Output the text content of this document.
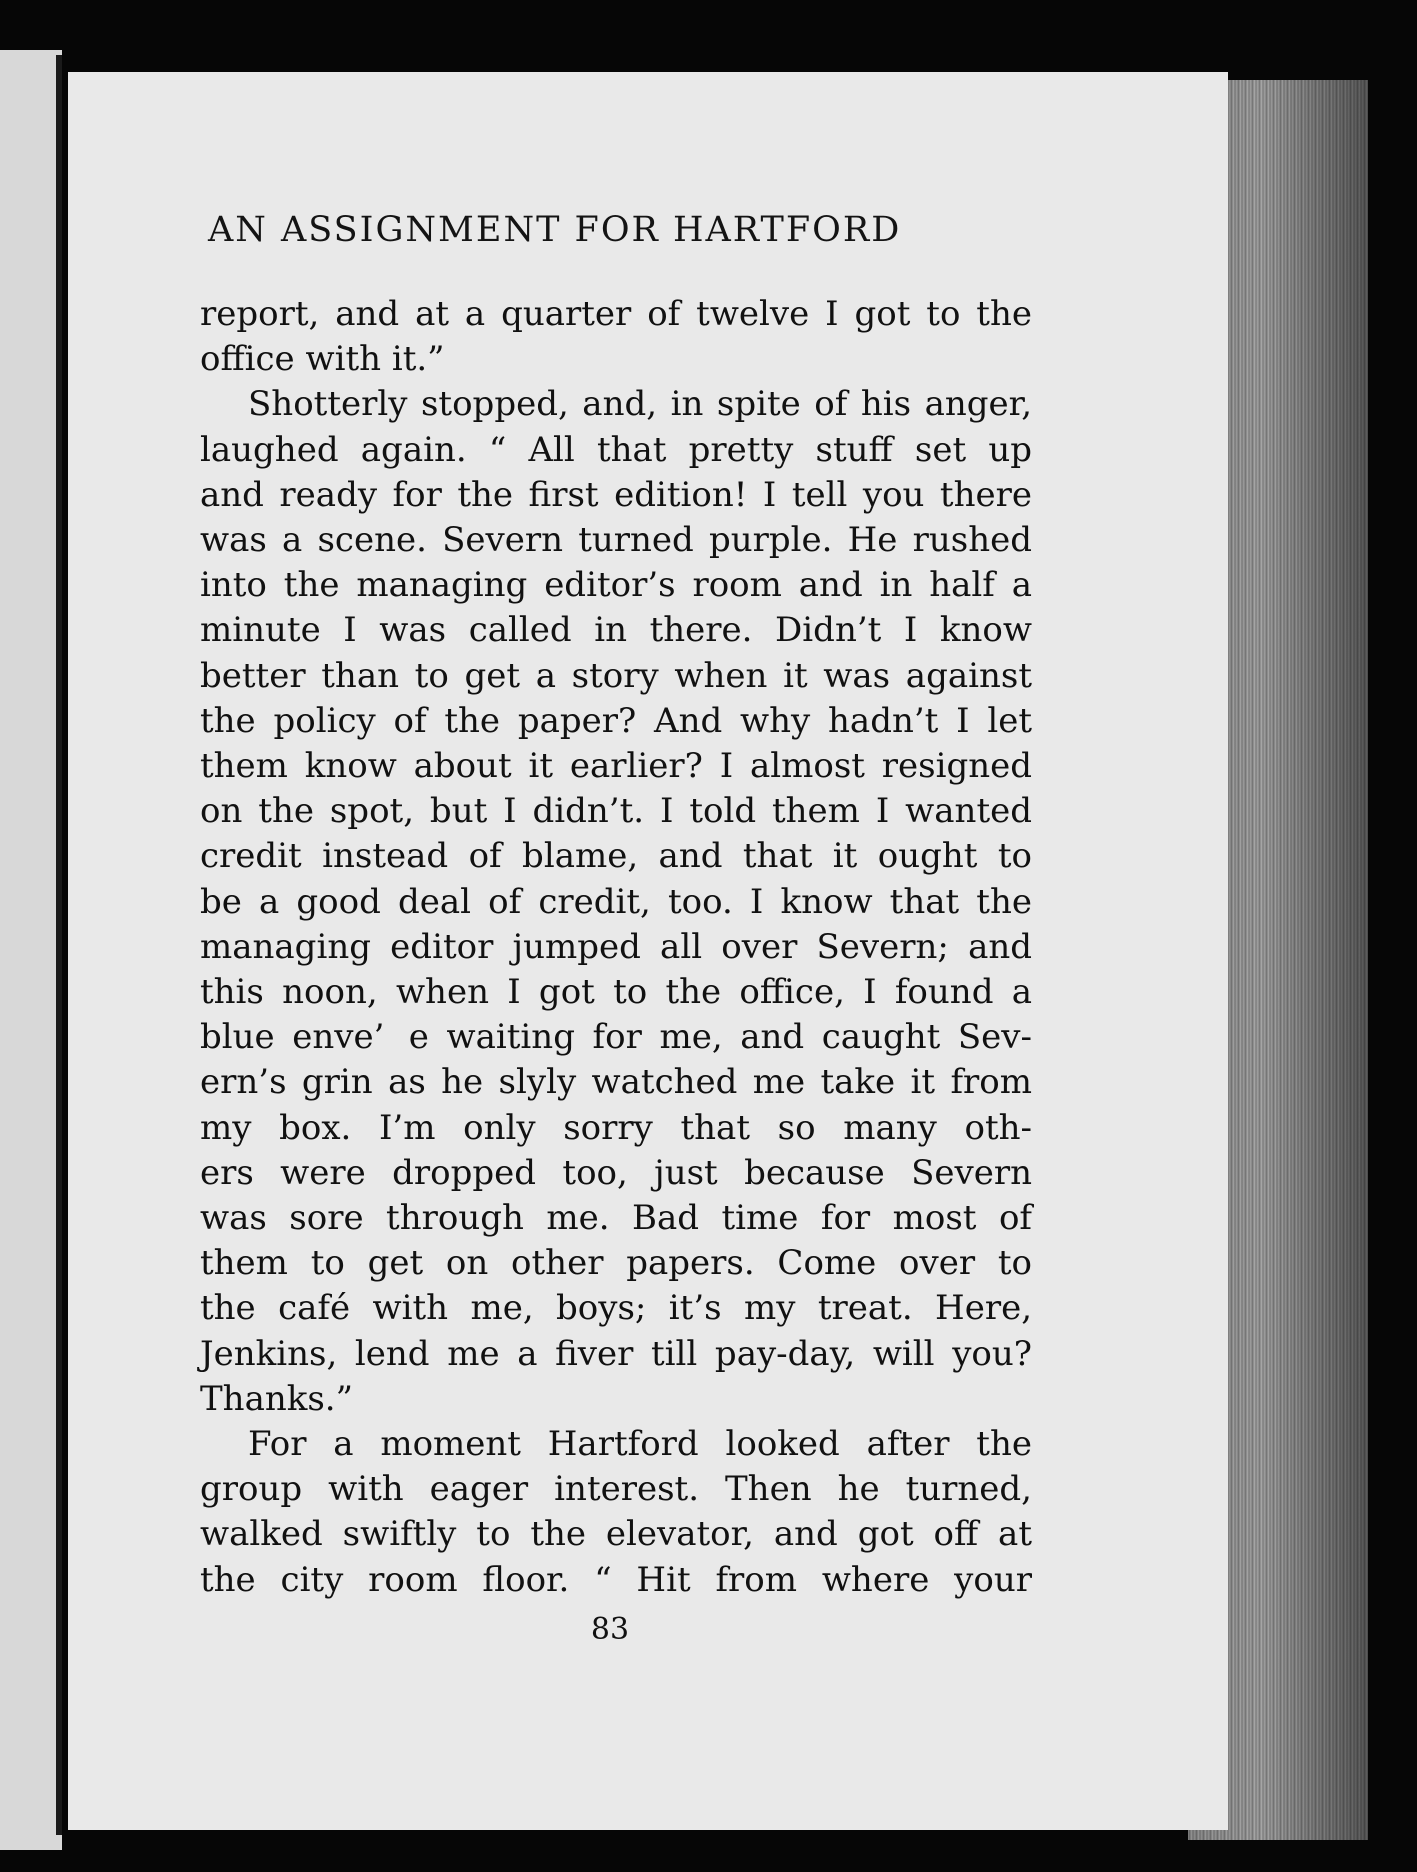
AN ASSIGNMENT FOR HARTFORD
report, and at a quarter of twelve I got to the
office with it.”
Shotterly stopped, and, in spite of his anger,
laughed again. “ All that pretty stuff set up
and ready for the first edition! I tell you there
was a scene. Severn turned purple. He rushed
into the managing editor’s room and in half a
minute I was called in there. Didn’t I know
better than to get a story when it was against
the policy of the paper? And why hadn’t I let
them know about it earlier? I almost resigned
on the spot, but I didn’t. I told them I wanted
credit instead of blame, and that it ought to
be a good deal of credit, too. I know that the
managing editor jumped all over Severn; and
this noon, when I got to the office, I found a
blue enve’  e waiting for me, and caught Sev-
ern’s grin as he slyly watched me take it from
my box. I’m only sorry that so many oth-
ers were dropped too, just because Severn
was sore through me. Bad time for most of
them to get on other papers. Come over to
the café with me, boys; it’s my treat. Here,
Jenkins, lend me a fiver till pay-day, will you?
Thanks.”
For a moment Hartford looked after the
group with eager interest. Then he turned,
walked swiftly to the elevator, and got off at
the city room floor. “ Hit from where your
83
